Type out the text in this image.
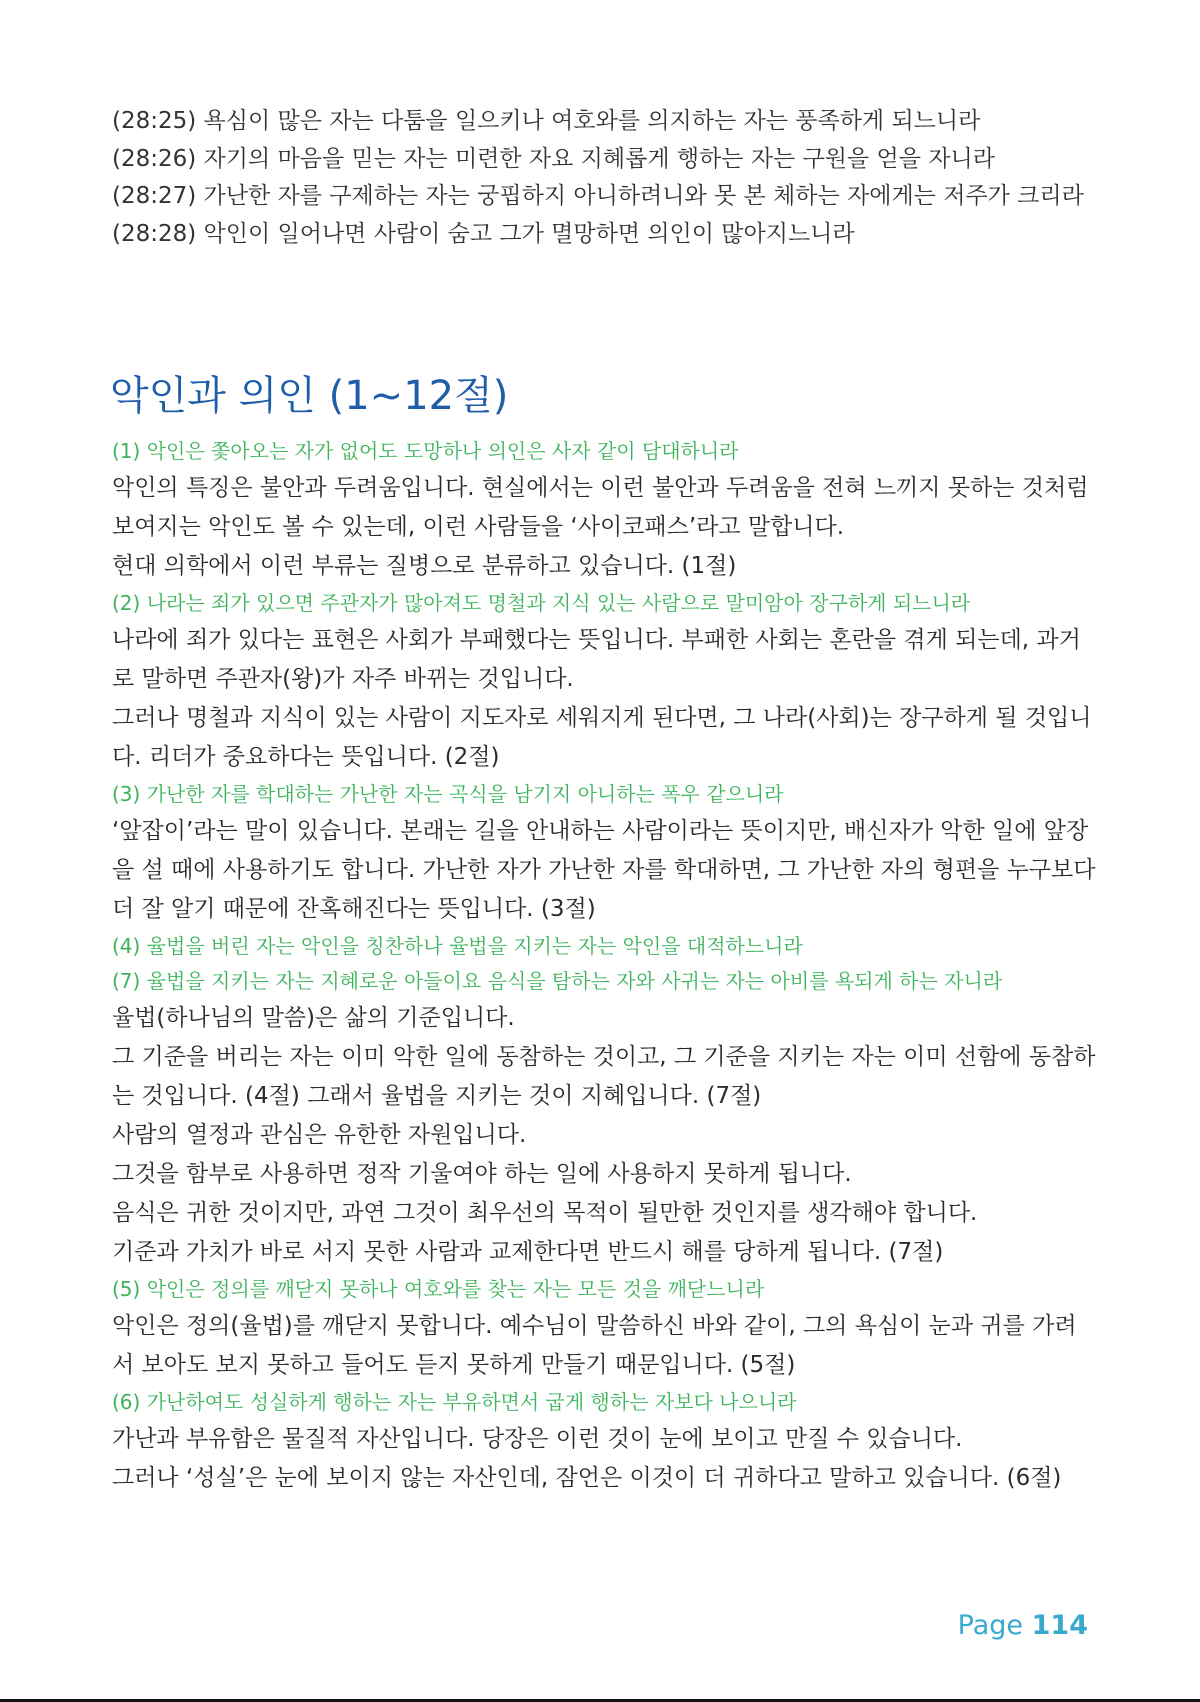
(28:25) 욕심이 많은 자는 다툼을 일으키나 여호와를 의지하는 자는 풍족하게 되느니라

(28:26) 자기의 마음을 믿는 자는 미련한 자요 지혜롭게 행하는 자는 구원을 얻을 자니라

(28:27) 가난한 자를 구제하는 자는 궁핍하지 아니하려니와 못 본 체하는 자에게는 저주가 크리라

(28:28) 악인이 일어나면 사람이 숨고 그가 멸망하면 의인이 많아지느니라

악인과 의인 (1~12절)

(1) 악인은 쫓아오는 자가 없어도 도망하나 의인은 사자 같이 담대하니라

악인의 특징은 불안과 두려움입니다. 현실에서는 이런 불안과 두려움을 전혀 느끼지 못하는 것처럼 보여지는 악인도 볼 수 있는데, 이런 사람들을 ‘사이코패스’라고 말합니다.

현대 의학에서 이런 부류는 질병으로 분류하고 있습니다. (1절)

(2) 나라는 죄가 있으면 주관자가 많아져도 명철과 지식 있는 사람으로 말미암아 장구하게 되느니라

나라에 죄가 있다는 표현은 사회가 부패했다는 뜻입니다. 부패한 사회는 혼란을 겪게 되는데, 과거로 말하면 주관자(왕)가 자주 바뀌는 것입니다.

그러나 명철과 지식이 있는 사람이 지도자로 세워지게 된다면, 그 나라(사회)는 장구하게 될 것입니다. 리더가 중요하다는 뜻입니다. (2절)

(3) 가난한 자를 학대하는 가난한 자는 곡식을 남기지 아니하는 폭우 같으니라

‘앞잡이’라는 말이 있습니다. 본래는 길을 안내하는 사람이라는 뜻이지만, 배신자가 악한 일에 앞장을 설 때에 사용하기도 합니다. 가난한 자가 가난한 자를 학대하면, 그 가난한 자의 형편을 누구보다 더 잘 알기 때문에 잔혹해진다는 뜻입니다. (3절)

(4) 율법을 버린 자는 악인을 칭찬하나 율법을 지키는 자는 악인을 대적하느니라

(7) 율법을 지키는 자는 지혜로운 아들이요 음식을 탐하는 자와 사귀는 자는 아비를 욕되게 하는 자니라

율법(하나님의 말씀)은 삶의 기준입니다.

그 기준을 버리는 자는 이미 악한 일에 동참하는 것이고, 그 기준을 지키는 자는 이미 선함에 동참하는 것입니다. (4절) 그래서 율법을 지키는 것이 지혜입니다. (7절)

사람의 열정과 관심은 유한한 자원입니다.

그것을 함부로 사용하면 정작 기울여야 하는 일에 사용하지 못하게 됩니다.

음식은 귀한 것이지만, 과연 그것이 최우선의 목적이 될만한 것인지를 생각해야 합니다.

기준과 가치가 바로 서지 못한 사람과 교제한다면 반드시 해를 당하게 됩니다. (7절)

(5) 악인은 정의를 깨닫지 못하나 여호와를 찾는 자는 모든 것을 깨닫느니라

악인은 정의(율법)를 깨닫지 못합니다. 예수님이 말씀하신 바와 같이, 그의 욕심이 눈과 귀를 가려서 보아도 보지 못하고 들어도 듣지 못하게 만들기 때문입니다. (5절)

(6) 가난하여도 성실하게 행하는 자는 부유하면서 굽게 행하는 자보다 나으니라

가난과 부유함은 물질적 자산입니다. 당장은 이런 것이 눈에 보이고 만질 수 있습니다.

그러나 ‘성실’은 눈에 보이지 않는 자산인데, 잠언은 이것이 더 귀하다고 말하고 있습니다. (6절)

Page 114
